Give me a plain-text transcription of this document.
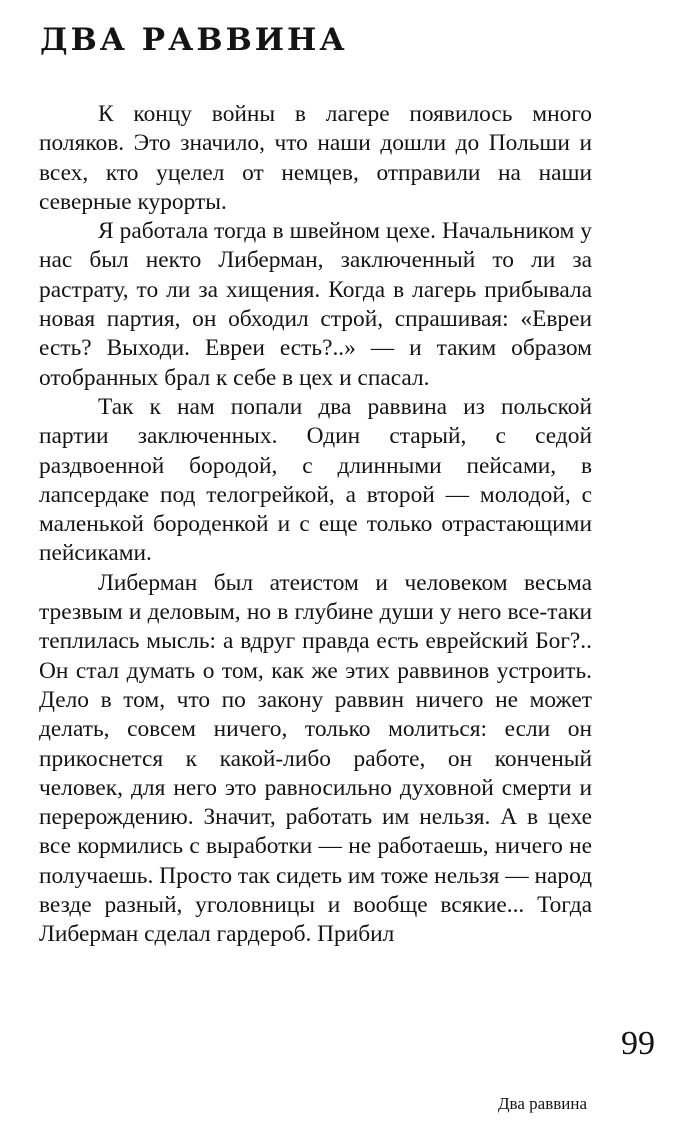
ДВА РАВВИНА

К концу войны в лагере появилось много поляков. Это значило, что наши дошли до Польши и всех, кто уцелел от немцев, отправили на наши северные курорты.

Я работала тогда в швейном цехе. Начальником у нас был некто Либерман, заключенный то ли за растрату, то ли за хищения. Когда в лагерь прибывала новая партия, он обходил строй, спрашивая: «Евреи есть? Выходи. Евреи есть?..» — и таким образом отобранных брал к себе в цех и спасал.

Так к нам попали два раввина из польской партии заключенных. Один старый, с седой раздвоенной бородой, с длинными пейсами, в лапсердаке под телогрейкой, а второй — молодой, с маленькой бороденкой и с еще только отрастающими пейсиками.

Либерман был атеистом и человеком весьма трезвым и деловым, но в глубине души у него все-таки теплилась мысль: а вдруг правда есть еврейский Бог?.. Он стал думать о том, как же этих раввинов устроить. Дело в том, что по закону раввин ничего не может делать, совсем ничего, только молиться: если он прикоснется к какой-либо работе, он конченый человек, для него это равносильно духовной смерти и перерождению. Значит, работать им нельзя. А в цехе все кормились с выработки — не работаешь, ничего не получаешь. Просто так сидеть им тоже нельзя — народ везде разный, уголовницы и вообще всякие... Тогда Либерман сделал гардероб. Прибил

99
Два раввина
